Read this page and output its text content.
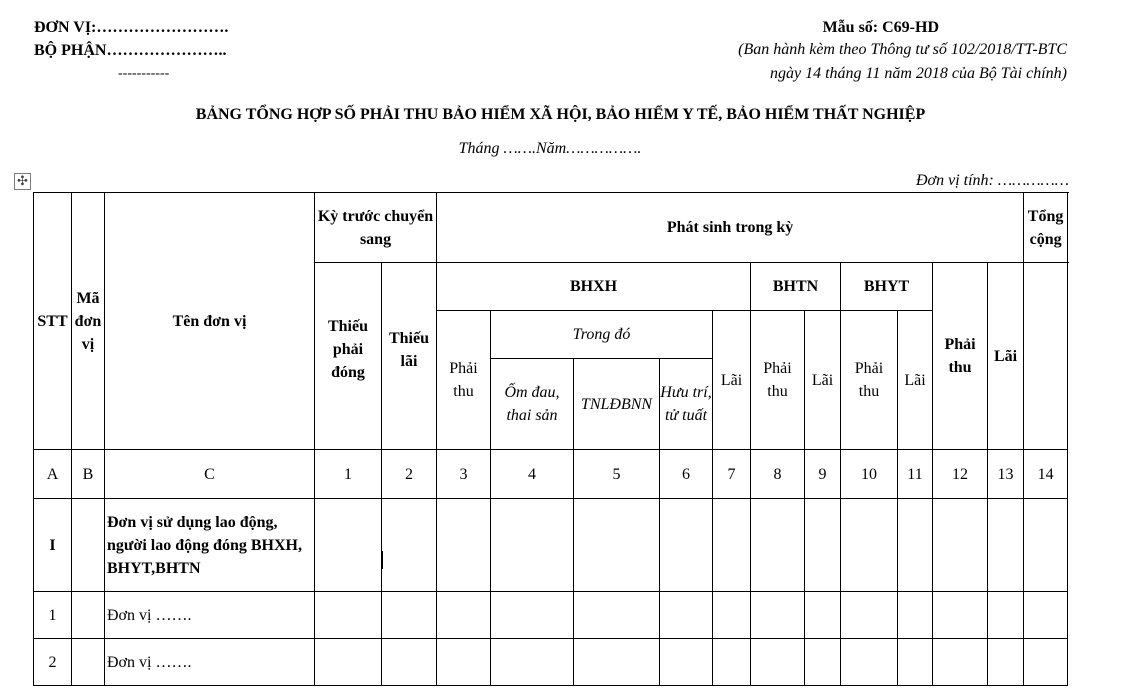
ĐƠN VỊ:…………………….
BỘ PHẬN…………………..
-----------
Mẫu số: C69-HD
(Ban hành kèm theo Thông tư số 102/2018/TT-BTC
ngày 14 tháng 11 năm 2018 của Bộ Tài chính)
BẢNG TỔNG HỢP SỐ PHẢI THU BẢO HIỂM XÃ HỘI, BẢO HIỂM Y TẾ, BẢO HIỂM THẤT NGHIỆP
Tháng …….Năm…………….
Đơn vị tính: ……………
✣
STT	Mã đơn vị	Tên đơn vị	Kỳ trước chuyển sang		Phát sinh trong kỳ											Tổng cộng	
			Thiếu phải đóng	Thiếu lãi	BHXH					BHTN		BHYT		Phải thu	Lãi		
					Phải thu	Trong đó			Lãi	Phải thu	Lãi	Phải thu	Lãi				
						Ốm đau, thai sản	TNLĐBNN	Hưu trí, tử tuất									
A	B	C	1	2	3	4	5	6	7	8	9	10	11	12	13	14	
I		Đơn vị sử dụng lao động, người lao động đóng BHXH, BHYT,BHTN															
1		Đơn vị …….															
2		Đơn vị …….															
